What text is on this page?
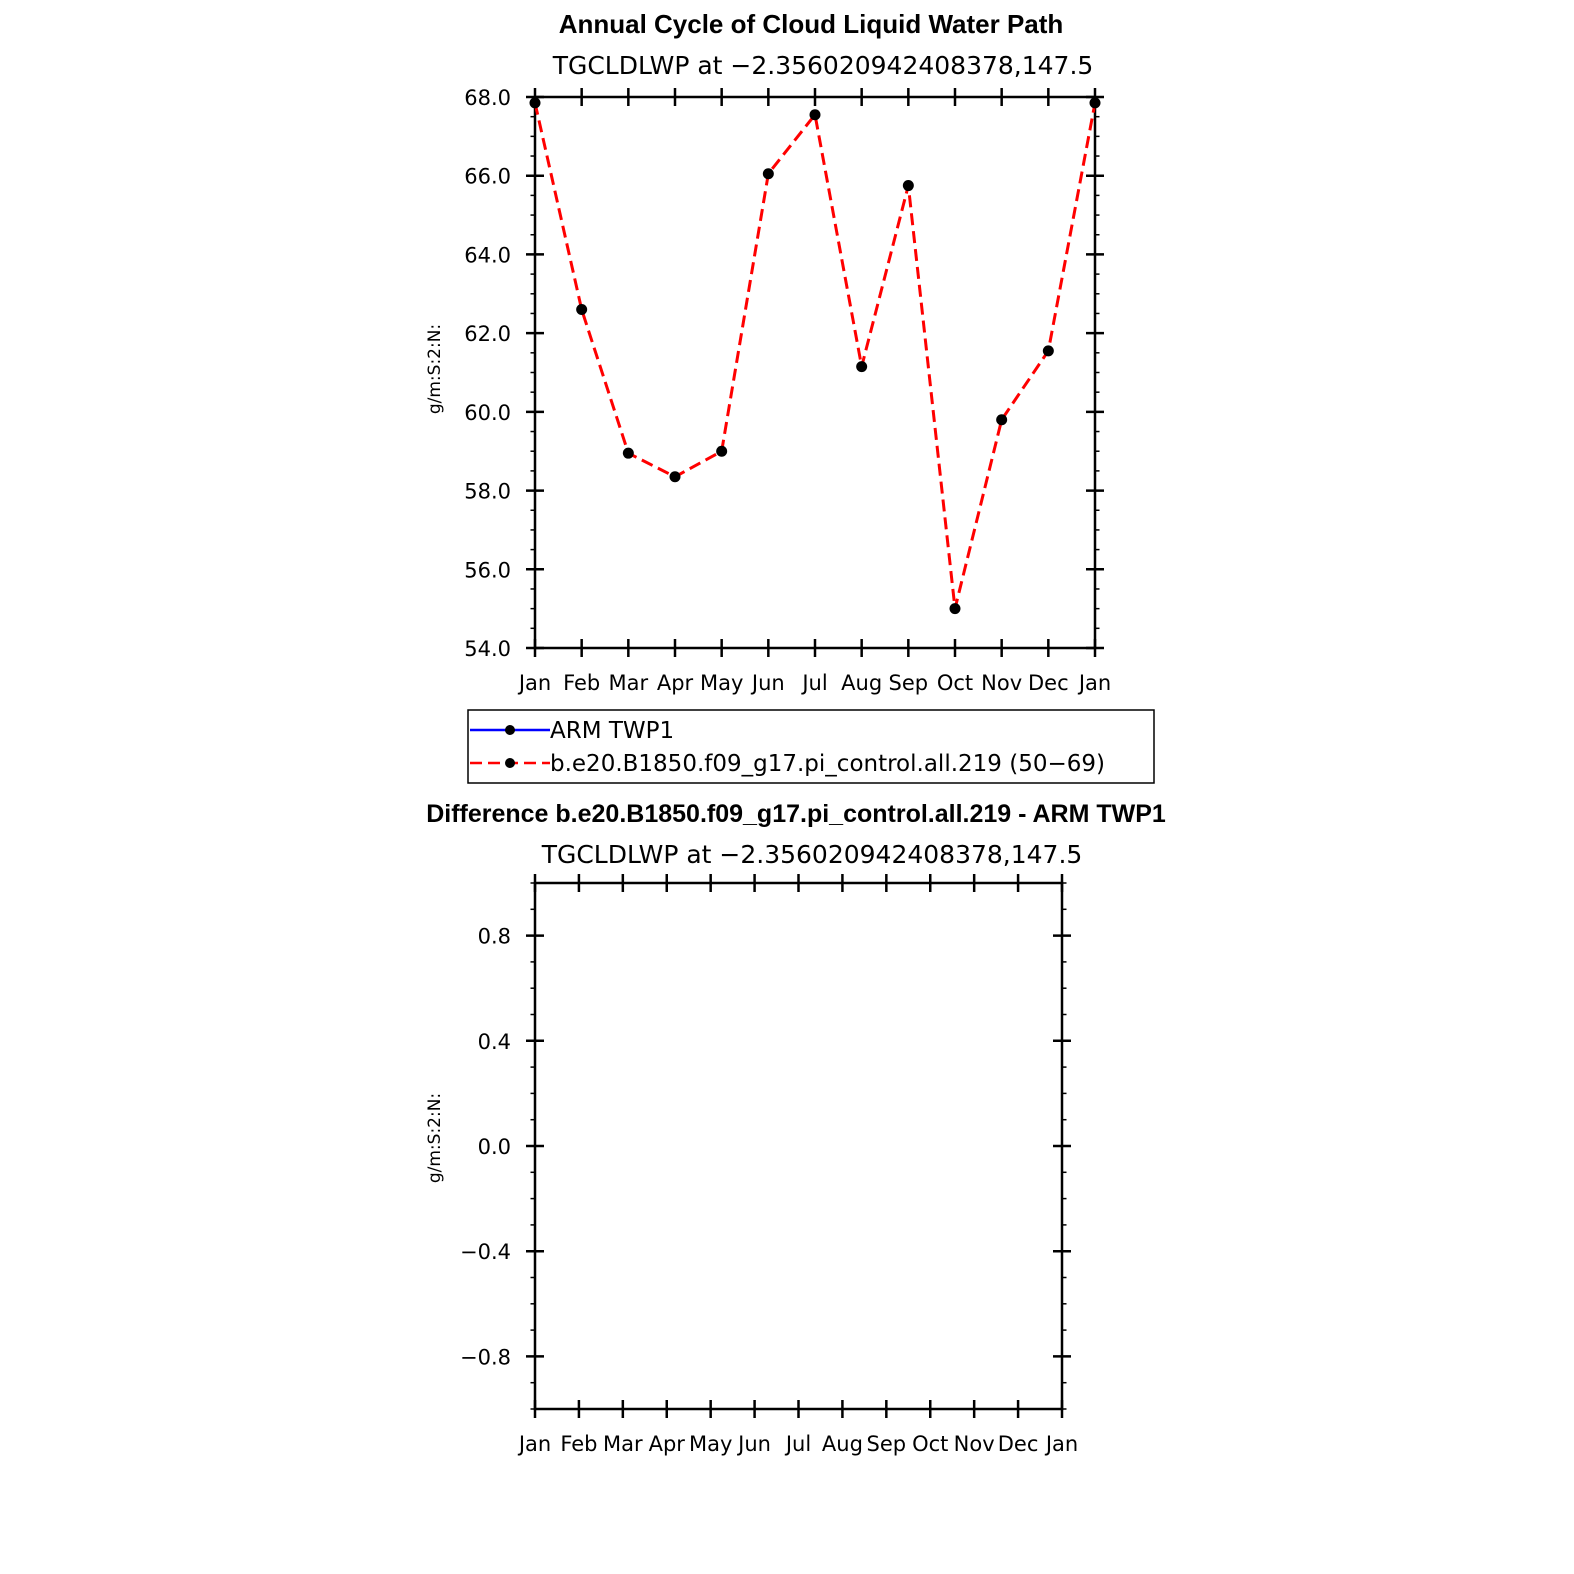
Annual Cycle of Cloud Liquid Water Path
TGCLDLWP at −2.356020942408378,147.5
g/m:S:2:N:
Jan Feb Mar Apr May Jun Jul Aug Sep Oct Nov Dec Jan
54.0
56.0
58.0
60.0
62.0
64.0
66.0
68.0
ARM TWP1
b.e20.B1850.f09_g17.pi_control.all.219 (50−69)
Difference b.e20.B1850.f09_g17.pi_control.all.219 - ARM TWP1
TGCLDLWP at −2.356020942408378,147.5
g/m:S:2:N:
Jan Feb Mar Apr May Jun Jul Aug Sep Oct Nov Dec Jan
−0.8
−0.4
0.0
0.4
0.8
